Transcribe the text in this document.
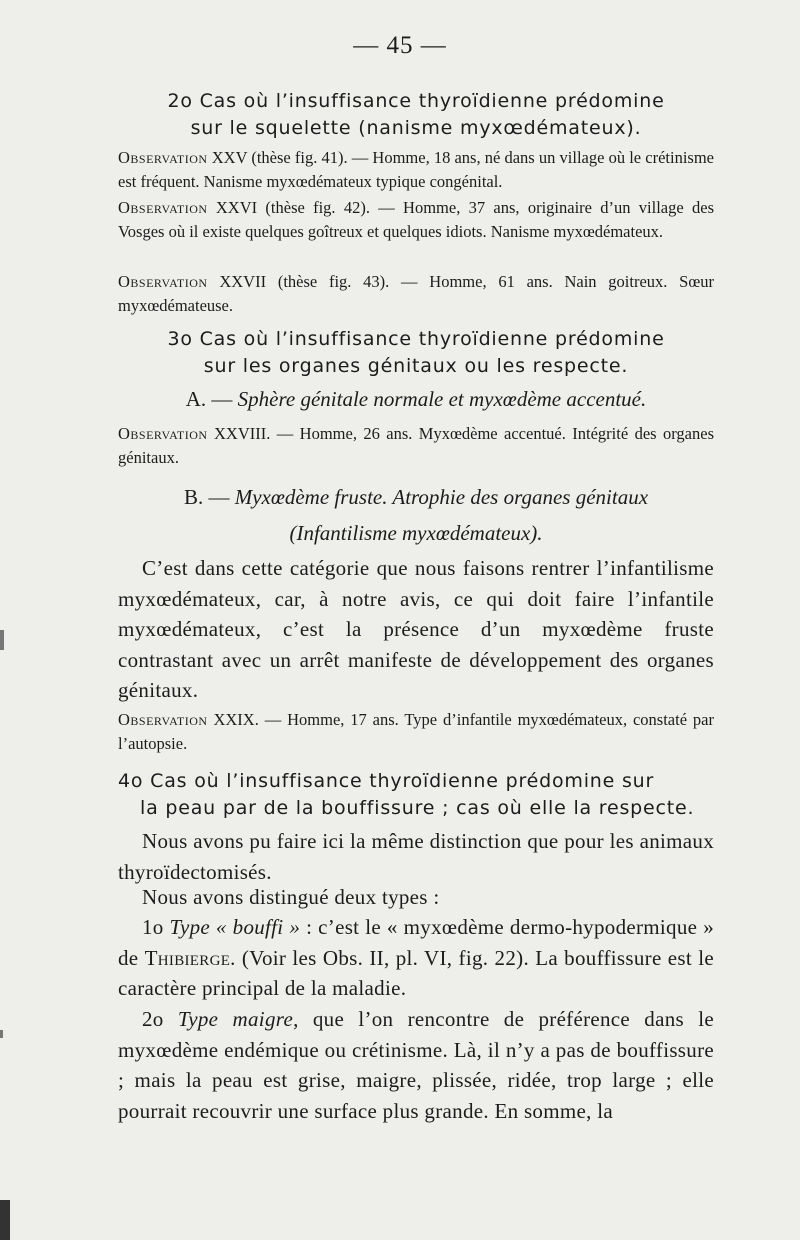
— 45 —

2o Cas où l’insuffisance thyroïdienne prédomine

sur le squelette (nanisme myxœdémateux).

Observation XXV (thèse fig. 41). — Homme, 18 ans, né dans un village où le crétinisme est fréquent. Nanisme myxœdémateux typique congénital.

Observation XXVI (thèse fig. 42). — Homme, 37 ans, originaire d’un village des Vosges où il existe quelques goîtreux et quelques idiots. Nanisme myxœdémateux.

Observation XXVII (thèse fig. 43). — Homme, 61 ans. Nain goitreux. Sœur myxœdémateuse.

3o Cas où l’insuffisance thyroïdienne prédomine

sur les organes génitaux ou les respecte.

A. — Sphère génitale normale et myxœdème accentué.

Observation XXVIII. — Homme, 26 ans. Myxœdème accentué. Intégrité des organes génitaux.

B. — Myxœdème fruste. Atrophie des organes génitaux

(Infantilisme myxœdémateux).

C’est dans cette catégorie que nous faisons rentrer l’infantilisme myxœdémateux, car, à notre avis, ce qui doit faire l’infantile myxœdémateux, c’est la présence d’un myxœdème fruste contrastant avec un arrêt manifeste de développement des organes génitaux.

Observation XXIX. — Homme, 17 ans. Type d’infantile myxœdémateux, constaté par l’autopsie.

4o Cas où l’insuffisance thyroïdienne prédomine sur

la peau par de la bouffissure ; cas où elle la respecte.

Nous avons pu faire ici la même distinction que pour les animaux thyroïdectomisés.

Nous avons distingué deux types :

1o Type « bouffi » : c’est le « myxœdème dermo-hypodermique » de Thibierge. (Voir les Obs. II, pl. VI, fig. 22). La bouffissure est le caractère principal de la maladie.

2o Type maigre, que l’on rencontre de préférence dans le myxœdème endémique ou crétinisme. Là, il n’y a pas de bouffissure ; mais la peau est grise, maigre, plissée, ridée, trop large ; elle pourrait recouvrir une surface plus grande. En somme, la
